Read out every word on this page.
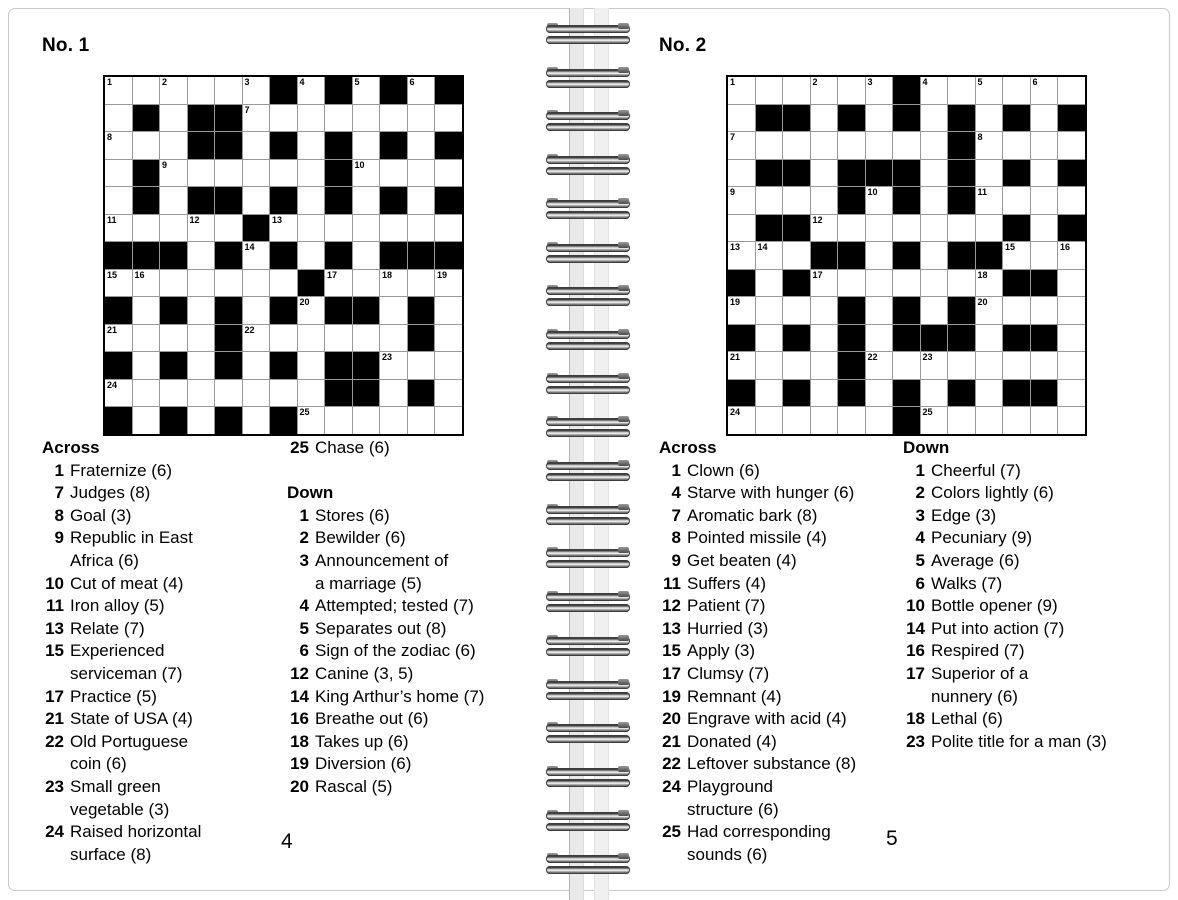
No. 1
1	2	3	4	5	6
7
8
9	10
11	12	13
14
15 16	17	18	19
20
21	22
23
24
25
Across
1 Fraternize (6)
7 Judges (8)
8 Goal (3)
9 Republic in East
Africa (6)
10 Cut of meat (4)
11 Iron alloy (5)
13 Relate (7)
15 Experienced
serviceman (7)
17 Practice (5)
21 State of USA (4)
22 Old Portuguese
coin (6)
23 Small green
vegetable (3)
24 Raised horizontal
surface (8)
25 Chase (6)
Down
1 Stores (6)
2 Bewilder (6)
3 Announcement of
a marriage (5)
4 Attempted; tested (7)
5 Separates out (8)
6 Sign of the zodiac (6)
12 Canine (3, 5)
14 King Arthur’s home (7)
16 Breathe out (6)
18 Takes up (6)
19 Diversion (6)
20 Rascal (5)
4
No. 2
1	2	3	4	5	6
7	8
9	10	11
12
13 14	15	16
17	18
19	20
21	22	23
24	25
Across
1 Clown (6)
4 Starve with hunger (6)
7 Aromatic bark (8)
8 Pointed missile (4)
9 Get beaten (4)
11 Suffers (4)
12 Patient (7)
13 Hurried (3)
15 Apply (3)
17 Clumsy (7)
19 Remnant (4)
20 Engrave with acid (4)
21 Donated (4)
22 Leftover substance (8)
24 Playground
structure (6)
25 Had corresponding
sounds (6)
Down
1 Cheerful (7)
2 Colors lightly (6)
3 Edge (3)
4 Pecuniary (9)
5 Average (6)
6 Walks (7)
10 Bottle opener (9)
14 Put into action (7)
16 Respired (7)
17 Superior of a
nunnery (6)
18 Lethal (6)
23 Polite title for a man (3)
5
